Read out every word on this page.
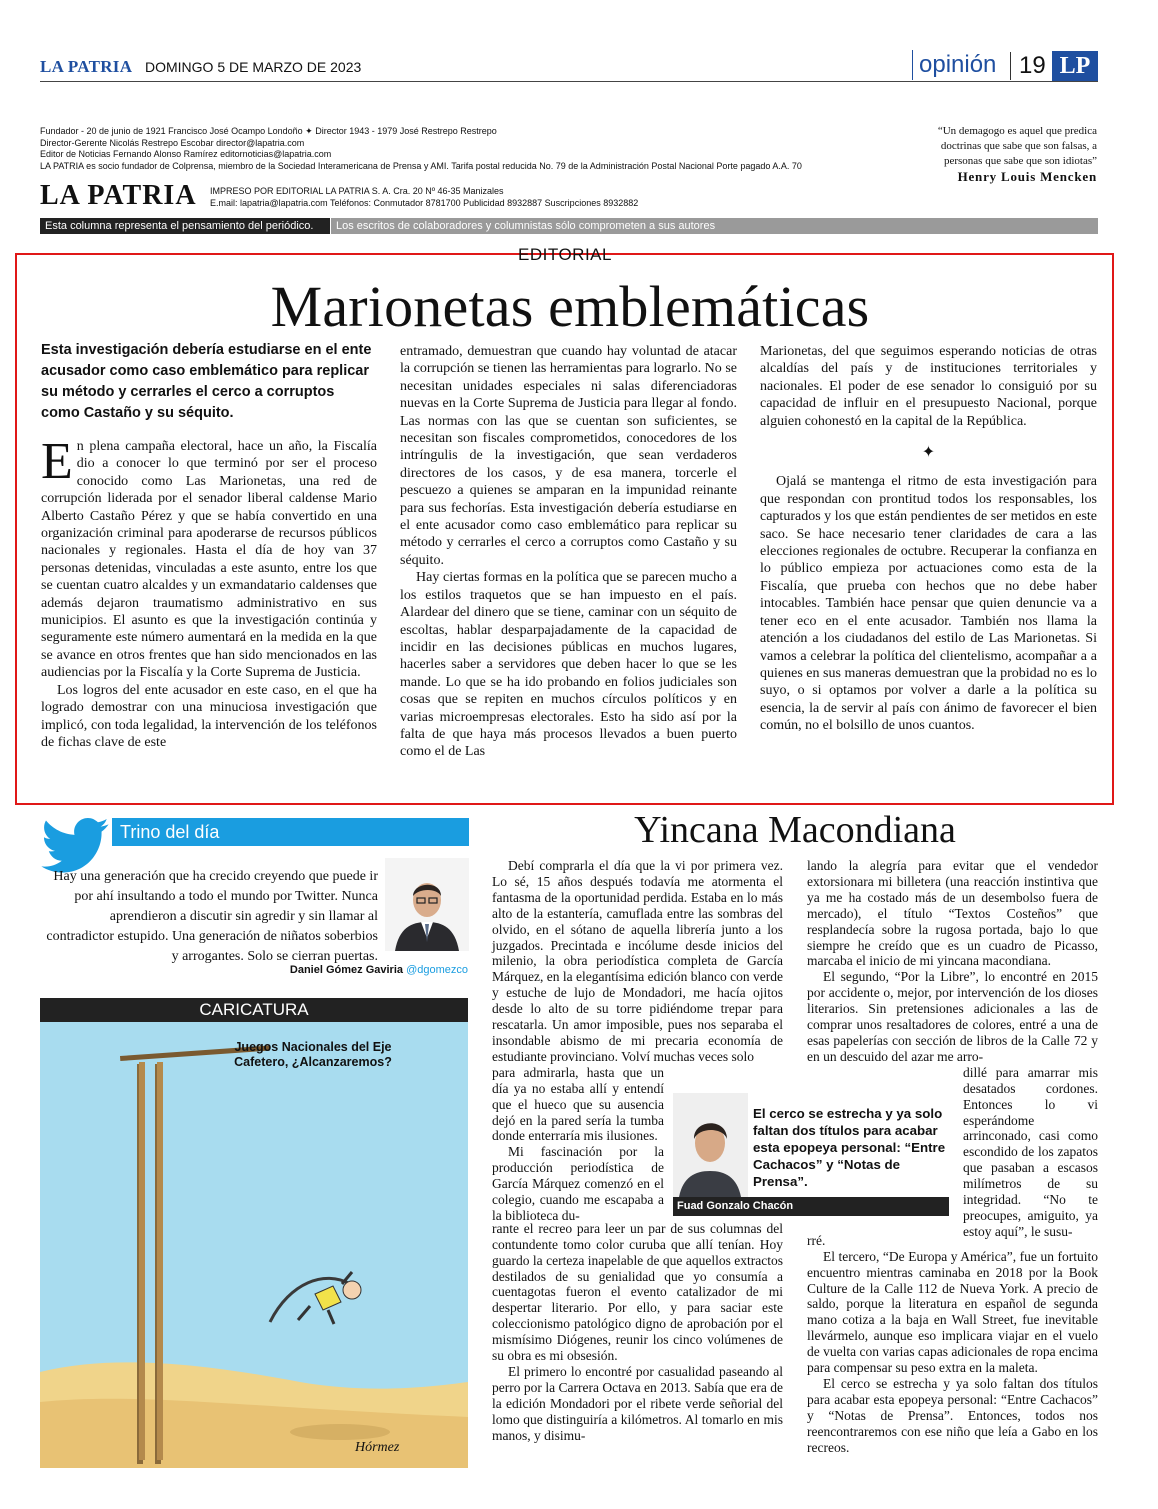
LA PATRIA DOMINGO 5 DE MARZO DE 2023	opinión 19 LP
Fundador - 20 de junio de 1921 Francisco José Ocampo Londoño ✦ Director 1943 - 1979 José Restrepo Restrepo
Director-Gerente Nicolás Restrepo Escobar director@lapatria.com
Editor de Noticias Fernando Alonso Ramírez editornoticias@lapatria.com
LA PATRIA es socio fundador de Colprensa, miembro de la Sociedad Interamericana de Prensa y AMI. Tarifa postal reducida No. 79 de la Administración Postal Nacional Porte pagado A.A. 70
LA PATRIA IMPRESO POR EDITORIAL LA PATRIA S. A. Cra. 20 Nº 46-35 Manizales
E.mail: lapatria@lapatria.com Teléfonos: Conmutador 8781700 Publicidad 8932887 Suscripciones 8932882
“Un demagogo es aquel que predica doctrinas que sabe que son falsas, a personas que sabe que son idiotas”
Henry Louis Mencken
Esta columna representa el pensamiento del periódico.	Los escritos de colaboradores y columnistas sólo comprometen a sus autores
EDITORIAL
Marionetas emblemáticas
Esta investigación debería estudiarse en el ente acusador como caso emblemático para replicar su método y cerrarles el cerco a corruptos como Castaño y su séquito.
E n plena campaña electoral, hace un año, la Fiscalía dio a conocer lo que terminó por ser el proceso conocido como Las Marionetas, una red de corrupción liderada por el senador liberal caldense Mario Alberto Castaño Pérez y que se había convertido en una organización criminal para apoderarse de recursos públicos nacionales y regionales. Hasta el día de hoy van 37 personas detenidas, vinculadas a este asunto, entre los que se cuentan cuatro alcaldes y un exmandatario caldenses que además dejaron traumatismo administrativo en sus municipios. El asunto es que la investigación continúa y seguramente este número aumentará en la medida en la que se avance en otros frentes que han sido mencionados en las audiencias por la Fiscalía y la Corte Suprema de Justicia.

Los logros del ente acusador en este caso, en el que ha logrado demostrar con una minuciosa investigación que implicó, con toda legalidad, la intervención de los teléfonos de fichas clave de este

entramado, demuestran que cuando hay voluntad de atacar la corrupción se tienen las herramientas para lograrlo. No se necesitan unidades especiales ni salas diferenciadoras nuevas en la Corte Suprema de Justicia para llegar al fondo. Las normas con las que se cuentan son suficientes, se necesitan son fiscales comprometidos, conocedores de los intríngulis de la investigación, que sean verdaderos directores de los casos, y de esa manera, torcerle el pescuezo a quienes se amparan en la impunidad reinante para sus fechorías. Esta investigación debería estudiarse en el ente acusador como caso emblemático para replicar su método y cerrarles el cerco a corruptos como Castaño y su séquito.

Hay ciertas formas en la política que se parecen mucho a los estilos traquetos que se han impuesto en el país. Alardear del dinero que se tiene, caminar con un séquito de escoltas, hablar desparpajadamente de la capacidad de incidir en las decisiones públicas en muchos lugares, hacerles saber a servidores que deben hacer lo que se les mande. Lo que se ha ido probando en folios judiciales son cosas que se repiten en muchos círculos políticos y en varias microempresas electorales. Esto ha sido así por la falta de que haya más procesos llevados a buen puerto como el de Las

Marionetas, del que seguimos esperando noticias de otras alcaldías del país y de instituciones territoriales y nacionales. El poder de ese senador lo consiguió por su capacidad de influir en el presupuesto Nacional, porque alguien cohonestó en la capital de la República.

✦

Ojalá se mantenga el ritmo de esta investigación para que respondan con prontitud todos los responsables, los capturados y los que están pendientes de ser metidos en este saco. Se hace necesario tener claridades de cara a las elecciones regionales de octubre. Recuperar la confianza en lo público empieza por actuaciones como esta de la Fiscalía, que prueba con hechos que no debe haber intocables. También hace pensar que quien denuncie va a tener eco en el ente acusador. También nos llama la atención a los ciudadanos del estilo de Las Marionetas. Si vamos a celebrar la política del clientelismo, acompañar a a quienes en sus maneras demuestran que la probidad no es lo suyo, o si optamos por volver a darle a la política su esencia, la de servir al país con ánimo de favorecer el bien común, no el bolsillo de unos cuantos.

Trino del día
Hay una generación que ha crecido creyendo que puede ir por ahí insultando a todo el mundo por Twitter. Nunca aprendieron a discutir sin agredir y sin llamar al contradictor estupido. Una generación de niñatos soberbios y arrogantes. Solo se cierran puertas.
Daniel Gómez Gaviria @dgomezco
CARICATURA
Juegos Nacionales del Eje Cafetero, ¿Alcanzaremos?
Hórmez
Yincana Macondiana

Debí comprarla el día que la vi por primera vez. Lo sé, 15 años después todavía me atormenta el fantasma de la oportunidad perdida. Estaba en lo más alto de la estantería, camuflada entre las sombras del olvido, en el sótano de aquella librería junto a los juzgados. Precintada e incólume desde inicios del milenio, la obra periodística completa de García Márquez, en la elegantísima edición blanco con verde y estuche de lujo de Mondadori, me hacía ojitos desde lo alto de su torre pidiéndome trepar para rescatarla. Un amor imposible, pues nos separaba el insondable abismo de mi precaria economía de estudiante provinciano. Volví muchas veces solo

para admirarla, hasta que un día ya no estaba allí y entendí que el hueco que su ausencia dejó en la pared sería la tumba donde enterraría mis ilusiones.

Mi fascinación por la producción periodística de García Márquez comenzó en el colegio, cuando me escapaba a la biblioteca du-

rante el recreo para leer un par de sus columnas del contundente tomo color curuba que allí tenían. Hoy guardo la certeza inapelable de que aquellos extractos destilados de su genialidad que yo consumía a cuentagotas fueron el evento catalizador de mi despertar literario. Por ello, y para saciar este coleccionismo patológico digno de aprobación por el mismísimo Diógenes, reunir los cinco volúmenes de su obra es mi obsesión.

El primero lo encontré por casualidad paseando al perro por la Carrera Octava en 2013. Sabía que era de la edición Mondadori por el ribete verde señorial del lomo que distinguiría a kilómetros. Al tomarlo en mis manos, y disimu-

lando la alegría para evitar que el vendedor extorsionara mi billetera (una reacción instintiva que ya me ha costado más de un desembolso fuera de mercado), el título “Textos Costeños” que resplandecía sobre la rugosa portada, bajo lo que siempre he creído que es un cuadro de Picasso, marcaba el inicio de mi yincana macondiana.

El segundo, “Por la Libre”, lo encontré en 2015 por accidente o, mejor, por intervención de los dioses literarios. Sin pretensiones adicionales a las de comprar unos resaltadores de colores, entré a una de esas papelerías con sección de libros de la Calle 72 y en un descuido del azar me arro-

dillé para amarrar mis desatados cordones. Entonces lo vi esperándome arrinconado, casi como escondido de los zapatos que pasaban a escasos milímetros de su integridad. “No te preocupes, amiguito, ya estoy aquí”, le susu-

rré.

El tercero, “De Europa y América”, fue un fortuito encuentro mientras caminaba en 2018 por la Book Culture de la Calle 112 de Nueva York. A precio de saldo, porque la literatura en español de segunda mano cotiza a la baja en Wall Street, fue inevitable llevármelo, aunque eso implicara viajar en el vuelo de vuelta con varias capas adicionales de ropa encima para compensar su peso extra en la maleta.

El cerco se estrecha y ya solo faltan dos títulos para acabar esta epopeya personal: “Entre Cachacos” y “Notas de Prensa”. Entonces, todos nos reencontraremos con ese niño que leía a Gabo en los recreos.

El cerco se estrecha y ya solo faltan dos títulos para acabar esta epopeya personal: “Entre Cachacos” y “Notas de Prensa”.
Fuad Gonzalo Chacón
